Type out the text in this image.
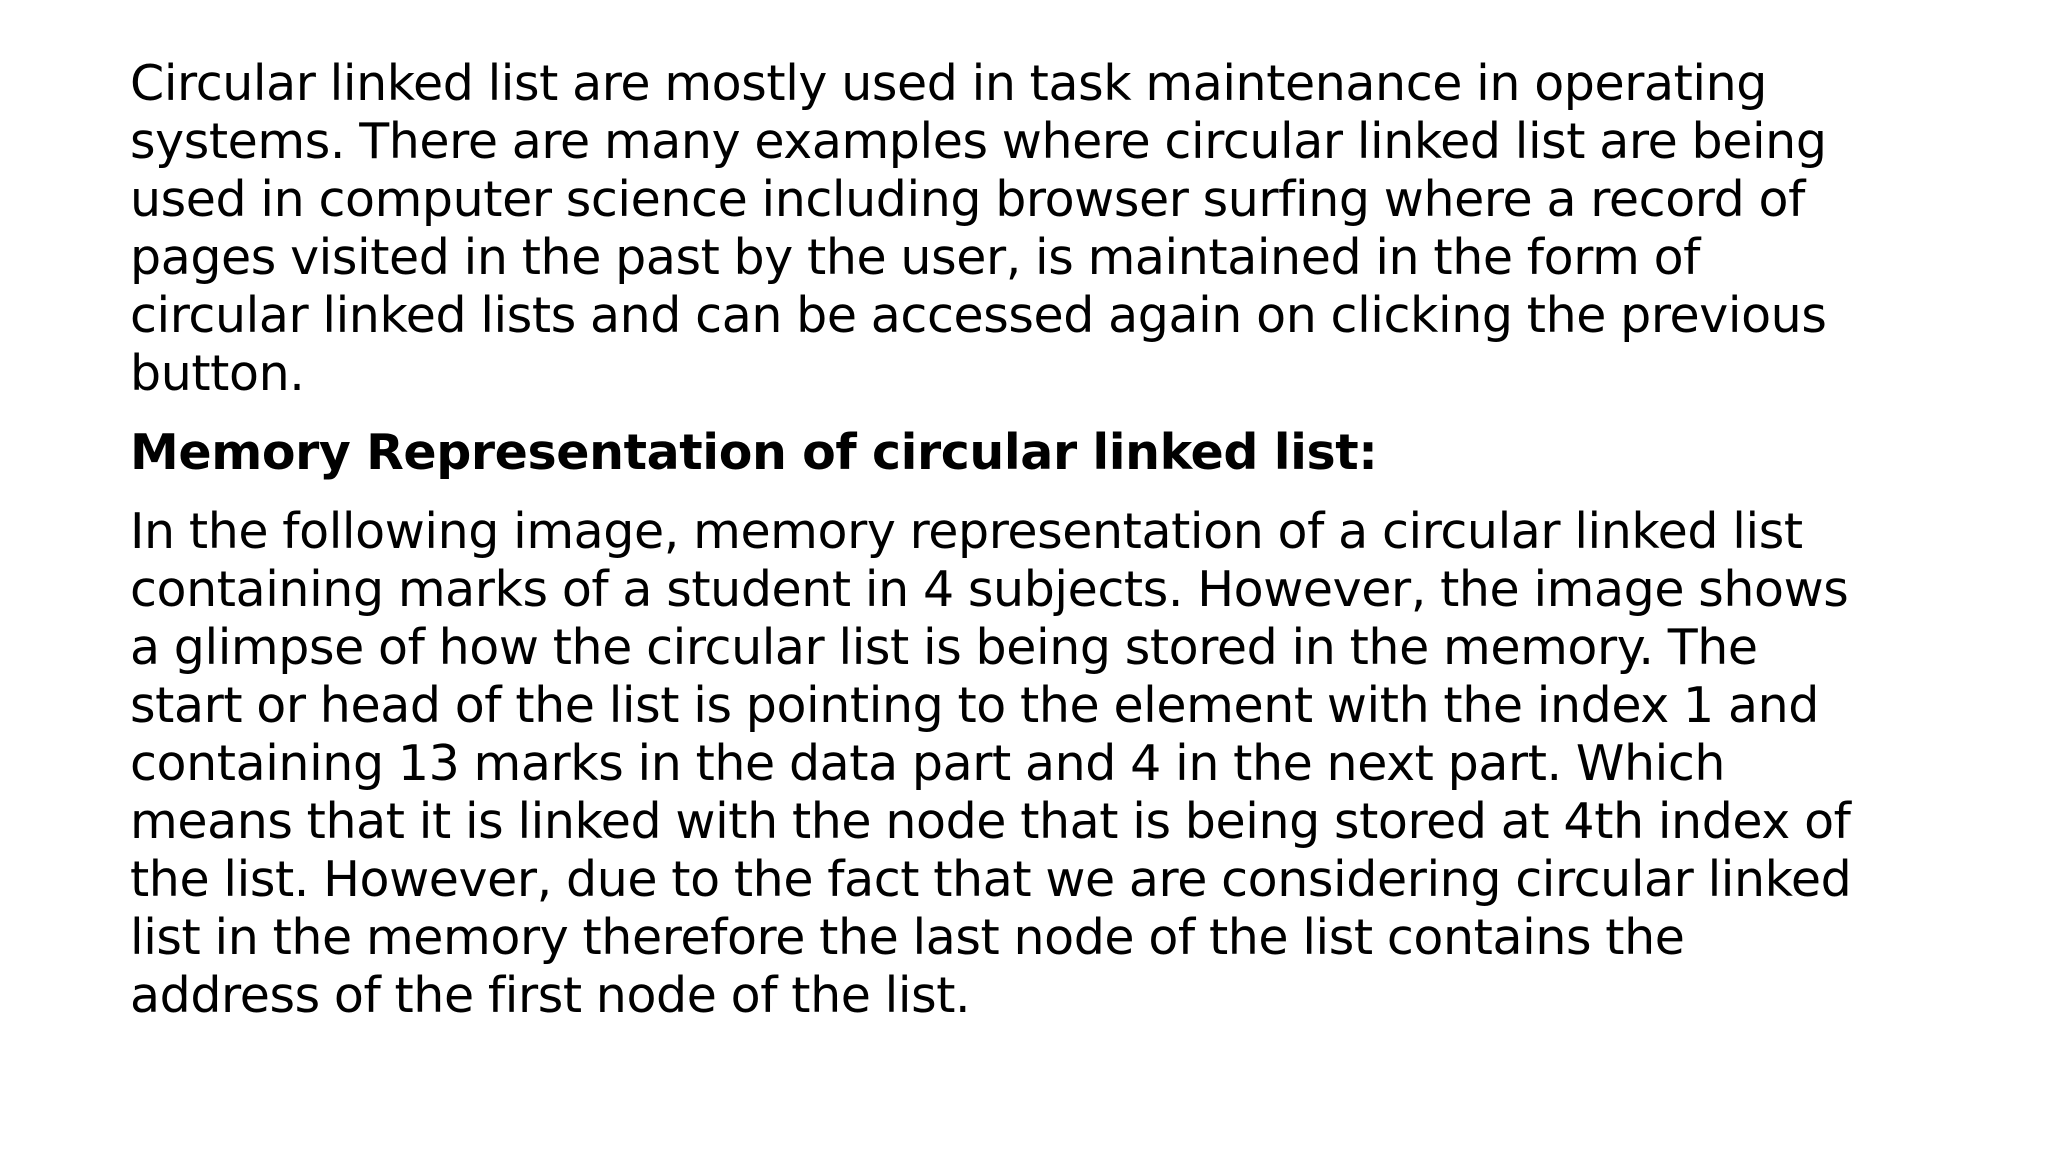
Circular linked list are mostly used in task maintenance in operating
systems. There are many examples where circular linked list are being
used in computer science including browser surfing where a record of
pages visited in the past by the user, is maintained in the form of
circular linked lists and can be accessed again on clicking the previous
button.

Memory Representation of circular linked list:

In the following image, memory representation of a circular linked list
containing marks of a student in 4 subjects. However, the image shows
a glimpse of how the circular list is being stored in the memory. The
start or head of the list is pointing to the element with the index 1 and
containing 13 marks in the data part and 4 in the next part. Which
means that it is linked with the node that is being stored at 4th index of
the list. However, due to the fact that we are considering circular linked
list in the memory therefore the last node of the list contains the
address of the first node of the list.
